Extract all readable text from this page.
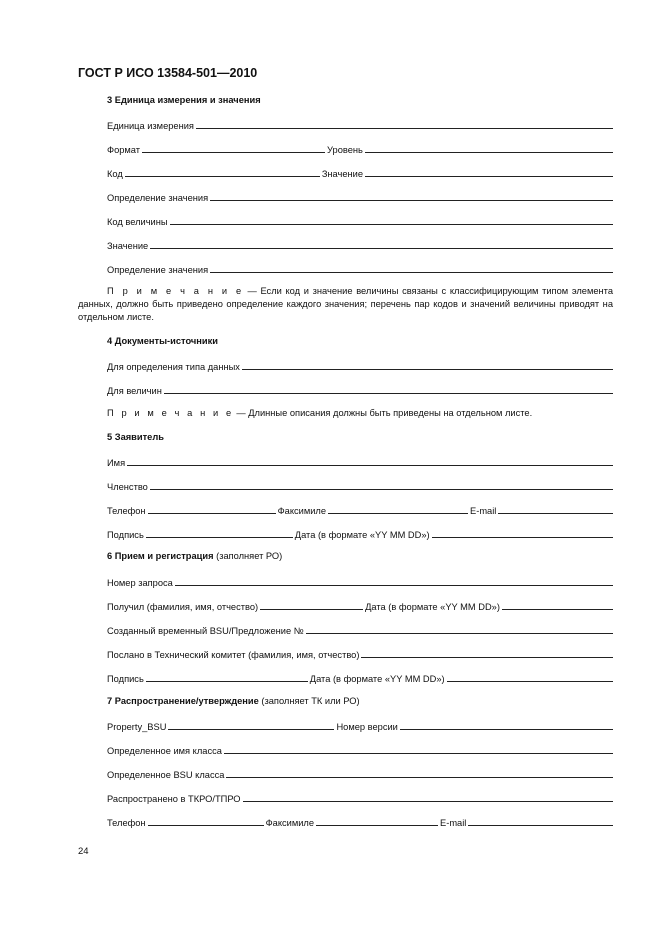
ГОСТ Р ИСО 13584-501—2010
3 Единица измерения и значения
Единица измерения
Формат	Уровень
Код	Значение
Определение значения
Код величины
Значение
Определение значения
П р и м е ч а н и е — Если код и значение величины связаны с классифицирующим типом элемента данных, должно быть приведено определение каждого значения; перечень пар кодов и значений величины приводят на отдельном листе.
4 Документы-источники
Для определения типа данных
Для величин
П р и м е ч а н и е — Длинные описания должны быть приведены на отдельном листе.
5 Заявитель
Имя
Членство
Телефон	Факсимиле	E-mail
Подпись	Дата (в формате «YY MM DD»)
6 Прием и регистрация (заполняет РО)
Номер запроса
Получил (фамилия, имя, отчество)	Дата (в формате «YY MM DD»)
Созданный временный BSU/Предложение №
Послано в Технический комитет (фамилия, имя, отчество)
Подпись	Дата (в формате «YY MM DD»)
7 Распространение/утверждение (заполняет ТК или РО)
Property_BSU	Номер версии
Определенное имя класса
Определенное BSU класса
Распространено в ТКРО/ТПРО
Телефон	Факсимиле	E-mail
24
